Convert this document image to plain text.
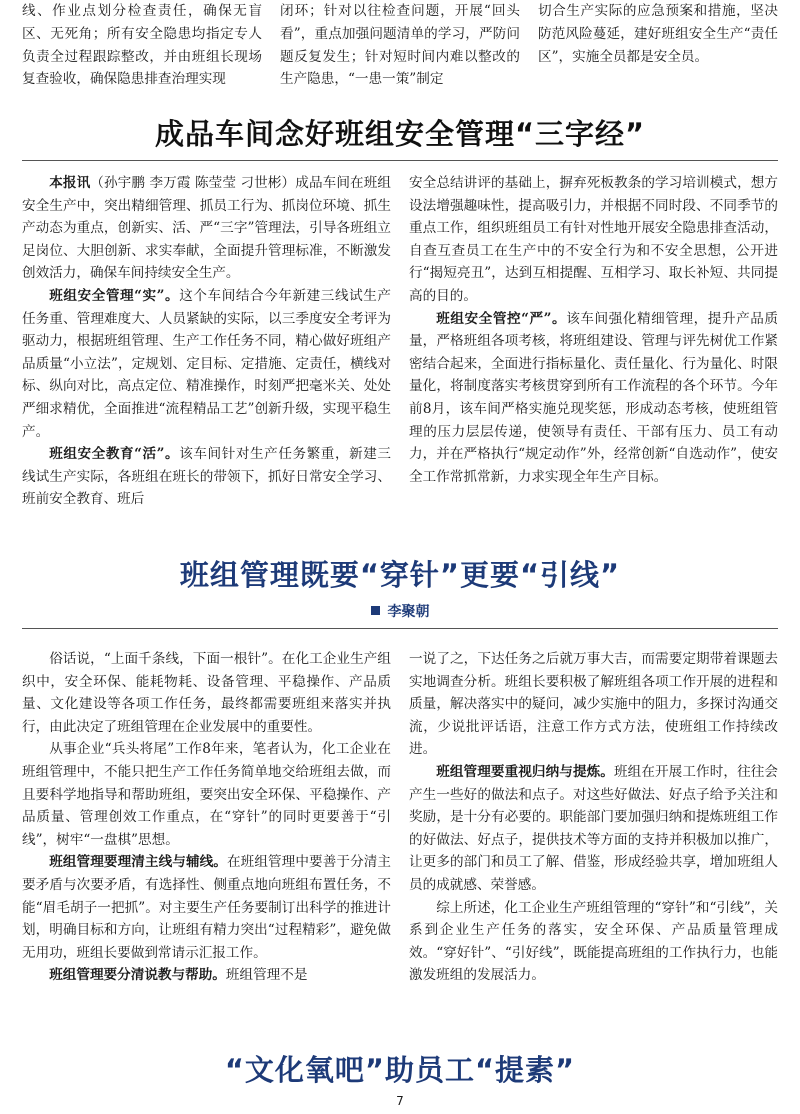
线、作业点划分检查责任，确保无盲区、无死角；所有安全隐患均指定专人负责全过程跟踪整改，并由班组长现场复查验收，确保隐患排查治理实现

闭环；针对以往检查问题，开展“回头看”，重点加强问题清单的学习，严防问题反复发生；针对短时间内难以整改的生产隐患，“一患一策”制定

切合生产实际的应急预案和措施，坚决防范风险蔓延，建好班组安全生产“责任区”，实施全员都是安全员。

成品车间念好班组安全管理“三字经”

本报讯（孙宇鹏 李万霞 陈莹莹 刁世彬）成品车间在班组安全生产中，突出精细管理、抓员工行为、抓岗位环境、抓生产动态为重点，创新实、活、严“三字”管理法，引导各班组立足岗位、大胆创新、求实奉献，全面提升管理标准，不断激发创效活力，确保车间持续安全生产。

班组安全管理“实”。这个车间结合今年新建三线试生产任务重、管理难度大、人员紧缺的实际，以三季度安全考评为驱动力，根据班组管理、生产工作任务不同，精心做好班组产品质量“小立法”，定规划、定目标、定措施、定责任，横线对标、纵向对比，高点定位、精准操作，时刻严把毫米关、处处严细求精优，全面推进“流程精品工艺”创新升级，实现平稳生产。

班组安全教育“活”。该车间针对生产任务繁重，新建三线试生产实际，各班组在班长的带领下，抓好日常安全学习、班前安全教育、班后

安全总结讲评的基础上，摒弃死板教条的学习培训模式，想方设法增强趣味性，提高吸引力，并根据不同时段、不同季节的重点工作，组织班组员工有针对性地开展安全隐患排查活动，自查互查员工在生产中的不安全行为和不安全思想，公开进行“揭短亮丑”，达到互相提醒、互相学习、取长补短、共同提高的目的。

班组安全管控“严”。该车间强化精细管理，提升产品质量，严格班组各项考核，将班组建设、管理与评先树优工作紧密结合起来，全面进行指标量化、责任量化、行为量化、时限量化，将制度落实考核贯穿到所有工作流程的各个环节。今年前8月，该车间严格实施兑现奖惩，形成动态考核，使班组管理的压力层层传递，使领导有责任、干部有压力、员工有动力，并在严格执行“规定动作”外，经常创新“自选动作”，使安全工作常抓常新，力求实现全年生产目标。

班组管理既要“穿针”更要“引线”
李聚朝

俗话说，“上面千条线，下面一根针”。在化工企业生产组织中，安全环保、能耗物耗、设备管理、平稳操作、产品质量、文化建设等各项工作任务，最终都需要班组来落实并执行，由此决定了班组管理在企业发展中的重要性。

从事企业“兵头将尾”工作8年来，笔者认为，化工企业在班组管理中，不能只把生产工作任务简单地交给班组去做，而且要科学地指导和帮助班组，要突出安全环保、平稳操作、产品质量、管理创效工作重点，在“穿针”的同时更要善于“引线”，树牢“一盘棋”思想。

班组管理要理清主线与辅线。在班组管理中要善于分清主要矛盾与次要矛盾，有选择性、侧重点地向班组布置任务，不能“眉毛胡子一把抓”。对主要生产任务要制订出科学的推进计划，明确目标和方向，让班组有精力突出“过程精彩”，避免做无用功，班组长要做到常请示汇报工作。

班组管理要分清说教与帮助。班组管理不是

一说了之，下达任务之后就万事大吉，而需要定期带着课题去实地调查分析。班组长要积极了解班组各项工作开展的进程和质量，解决落实中的疑问，减少实施中的阻力，多探讨沟通交流，少说批评话语，注意工作方式方法，使班组工作持续改进。

班组管理要重视归纳与提炼。班组在开展工作时，往往会产生一些好的做法和点子。对这些好做法、好点子给予关注和奖励，是十分有必要的。职能部门要加强归纳和提炼班组工作的好做法、好点子，提供技术等方面的支持并积极加以推广，让更多的部门和员工了解、借鉴，形成经验共享，增加班组人员的成就感、荣誉感。

综上所述，化工企业生产班组管理的“穿针”和“引线”，关系到企业生产任务的落实，安全环保、产品质量管理成效。“穿好针”、“引好线”，既能提高班组的工作执行力，也能激发班组的发展活力。

“文化氧吧”助员工“提素”
7
